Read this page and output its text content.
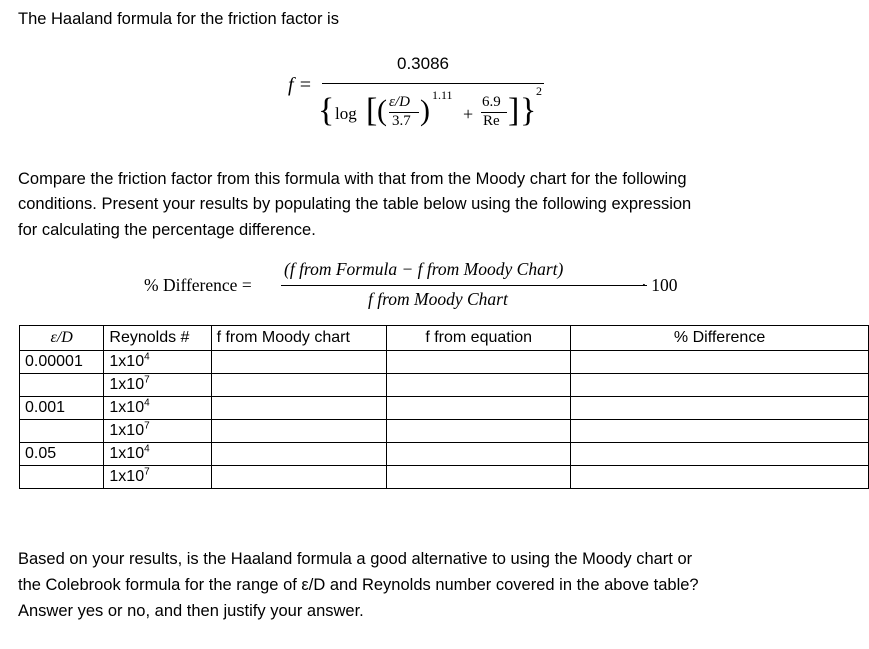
The Haaland formula for the friction factor is
f =
0.3086
{ log [ ( ε/D
3.7 ) 1.11
+
6.9
Re ] }
2
Compare the friction factor from this formula with that from the Moody chart for the following
conditions. Present your results by populating the table below using the following expression
for calculating the percentage difference.
% Difference =
(f from Formula − f from Moody Chart)
f from Moody Chart
· 100
ε/D	Reynolds #	f from Moody chart	f from equation	% Difference
0.00001	$1x10^4$			
	$1x10^7$			
0.001	$1x10^4$			
	$1x10^7$			
0.05	$1x10^4$			
	$1x10^7$			
Based on your results, is the Haaland formula a good alternative to using the Moody chart or
the Colebrook formula for the range of ε/D and Reynolds number covered in the above table?
Answer yes or no, and then justify your answer.
